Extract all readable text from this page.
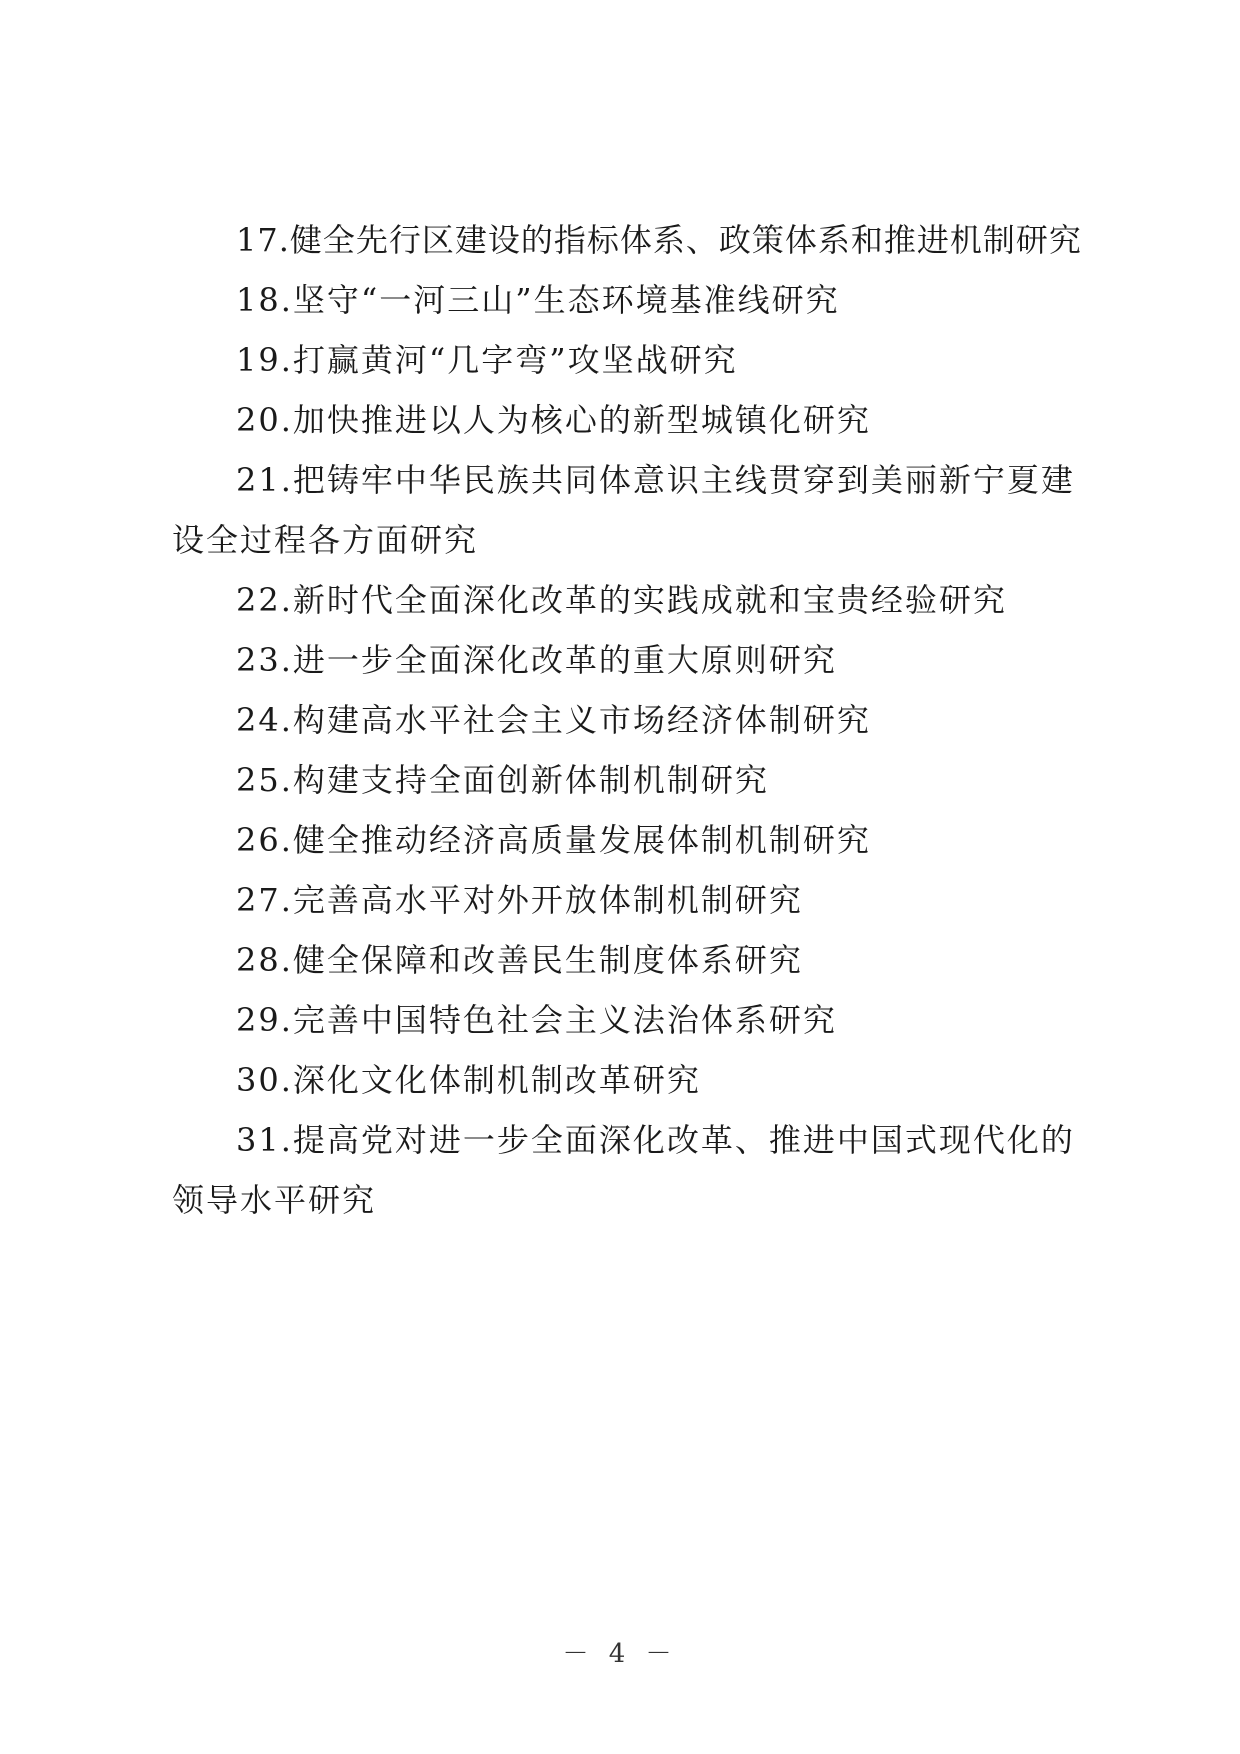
17.健全先行区建设的指标体系、政策体系和推进机制研究

18.坚守“一河三山”生态环境基准线研究

19.打赢黄河“几字弯”攻坚战研究

20.加快推进以人为核心的新型城镇化研究

21.把铸牢中华民族共同体意识主线贯穿到美丽新宁夏建设全过程各方面研究

22.新时代全面深化改革的实践成就和宝贵经验研究

23.进一步全面深化改革的重大原则研究

24.构建高水平社会主义市场经济体制研究

25.构建支持全面创新体制机制研究

26.健全推动经济高质量发展体制机制研究

27.完善高水平对外开放体制机制研究

28.健全保障和改善民生制度体系研究

29.完善中国特色社会主义法治体系研究

30.深化文化体制机制改革研究

31.提高党对进一步全面深化改革、推进中国式现代化的领导水平研究

－ 4 －
